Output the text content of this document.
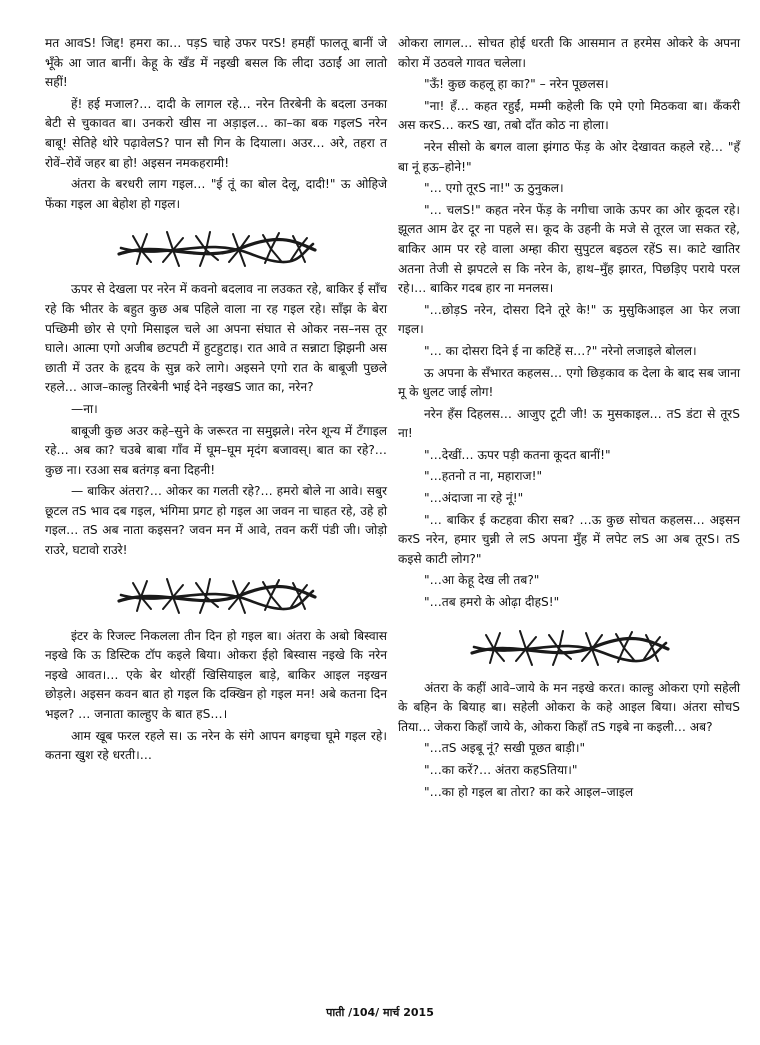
मत आवS! जिद्द! हमरा का… पड़S चाहे उफर परS! हमहीं फालतू बानीं जे भूँके आ जात बानीं। केहू के खँड में नइखी बसल कि लीदा उठाईं आ लातो सहीं!

हें! हई मजाल?… दादी के लागल रहे… नरेन तिरबेनी के बदला उनका बेटी से चुकावत बा। उनकरो खीस ना अड़ाइल… का–का बक गइलS नरेन बाबू! सेतिहे थोरे पढ़ावेलS? पान सौ गिन के दियाला। अउर… अरे, तहरा त रोवें–रोवें जहर बा हो! अइसन नमकहरामी!

अंतरा के बरधरी लाग गइल… "ई तूं का बोल देलू, दादी!" ऊ ओहिजे फेंका गइल आ बेहोश हो गइल।

ऊपर से देखला पर नरेन में कवनो बदलाव ना लउकत रहे, बाकिर ई साँच रहे कि भीतर के बहुत कुछ अब पहिले वाला ना रह गइल रहे। साँझ के बेरा पच्छिमी छोर से एगो मिसाइल चले आ अपना संघात से ओकर नस–नस तूर घाले। आत्मा एगो अजीब छटपटी में हुटहुटाइ। रात आवे त सन्नाटा झिझनी अस छाती में उतर के हृदय के सुन्न करे लागे। अइसने एगो रात के बाबूजी पुछले रहले… आज–काल्हु तिरबेनी भाई देने नइखS जात का, नरेन?

—ना।

बाबूजी कुछ अउर कहे–सुने के जरूरत ना समुझले। नरेन शून्य में टँगाइल रहे… अब का? चउबे बाबा गाँव में घूम–घूम मृदंग बजावस्। बात का रहे?… कुछ ना। रउआ सब बतंगड़ बना दिहनी!

— बाकिर अंतरा?… ओकर का गलती रहे?… हमरो बोले ना आवे। सबुर छूटल तS भाव दब गइल, भंगिमा प्रगट हो गइल आ जवन ना चाहत रहे, उहे हो गइल… तS अब नाता कइसन? जवन मन में आवे, तवन करीं पंडी जी। जोड़ो राउरे, घटावो राउरे!

इंटर के रिजल्ट निकलला तीन दिन हो गइल बा। अंतरा के अबो बिस्वास नइखे कि ऊ डिस्टिक टॉप कइले बिया। ओकरा ईहो बिस्वास नइखे कि नरेन नइखे आवत।… एके बेर थोरहीं खिसियाइल बाड़े, बाकिर आइल नइखन छोड़ले। अइसन कवन बात हो गइल कि दक्खिन हो गइल मन! अबे कतना दिन भइल? … जनाता काल्हुए के बात हS…।

आम खूब फरल रहले स। ऊ नरेन के संगे आपन बगइचा घूमे गइल रहे। कतना खुश रहे धरती।…

ओकरा लागल… सोचत होई धरती कि आसमान त हरमेस ओकरे के अपना कोरा में उठवले गावत चलेला।

"ऊँ! कुछ कहलू हा का?" – नरेन पूछलस।

"ना! हँ… कहत रहुईं, मम्मी कहेली कि एमे एगो मिठकवा बा। कँकरी अस करS… करS खा, तबो दाँत कोठ ना होला।

नरेन सीसो के बगल वाला झंगाठ फेंड़ के ओर देखावत कहले रहे… "हँ बा नूं हऊ–होने!"

"… एगो तूरS ना!" ऊ ठुनुकल।

"… चलS!" कहत नरेन फेंड़ के नगीचा जाके ऊपर का ओर कूदल रहे। झूलत आम ढेर दूर ना पहले स। कूद के उहनी के मजे से तूरल जा सकत रहे, बाकिर आम पर रहे वाला अम्हा कीरा सुपुटल बइठल रहेंS स। काटे खातिर अतना तेजी से झपटले स कि नरेन के, हाथ–मुँह झारत, पिछड़िए पराये परल रहे।… बाकिर गदब हार ना मनलस।

"…छोड़S नरेन, दोसरा दिने तूरे के!" ऊ मुसुकिआइल आ फेर लजा गइल।

"… का दोसरा दिने ई ना कटिहें स…?" नरेनो लजाइले बोलल।

ऊ अपना के सँभारत कहलस… एगो छिड़काव क देला के बाद सब जाना मू के धुलट जाई लोग!

नरेन हँस दिहलस… आजुए टूटी जी! ऊ मुसकाइल… तS डंटा से तूरS ना!

"…देखीं… ऊपर पड़ी कतना कूदत बानीं!"

"…हतनो त ना, महाराज!"

"…अंदाजा ना रहे नूं!"

"… बाकिर ई कटहवा कीरा सब? …ऊ कुछ सोचत कहलस… अइसन करS नरेन, हमार चुन्नी ले लS अपना मुँह में लपेट लS आ अब तूरS। तS कइसे काटी लोग?"

"…आ केहू देख ली तब?"

"…तब हमरो के ओढ़ा दीहS!"

अंतरा के कहीं आवे–जाये के मन नइखे करत। काल्हु ओकरा एगो सहेली के बहिन के बियाह बा। सहेली ओकरा के कहे आइल बिया। अंतरा सोचS तिया… जेकरा किहाँ जाये के, ओकरा किहाँ तS गइबे ना कइली… अब?

"…तS अइबू नूं? सखी पूछत बाड़ी।"

"…का करें?… अंतरा कहSतिया।"

"…का हो गइल बा तोरा? का करे आइल–जाइल

पाती /104/ मार्च 2015
